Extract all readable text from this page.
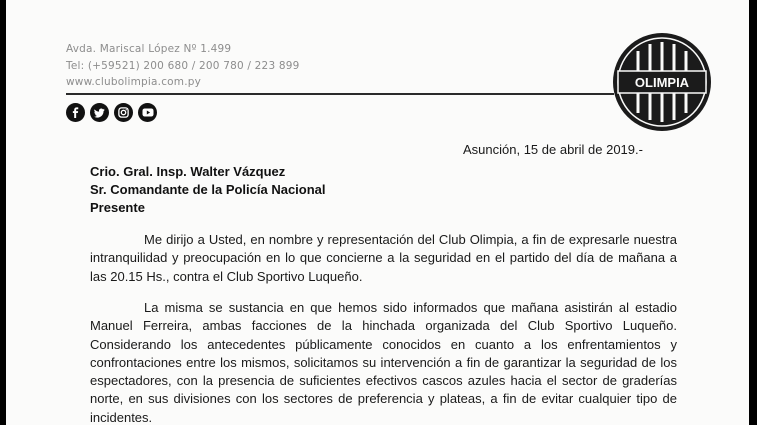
Avda. Mariscal López Nº 1.499
Tel: (+59521) 200 680 / 200 780 / 223 899
www.clubolimpia.com.py	OLIMPIA
Asunción, 15 de abril de 2019.-
Crio. Gral. Insp. Walter Vázquez
Sr. Comandante de la Policía Nacional
Presente
Me dirijo a Usted, en nombre y representación del Club Olimpia, a fin de expresarle nuestra intranquilidad y preocupación en lo que concierne a la seguridad en el partido del día de mañana a las 20.15 Hs., contra el Club Sportivo Luqueño.
La misma se sustancia en que hemos sido informados que mañana asistirán al estadio Manuel Ferreira, ambas facciones de la hinchada organizada del Club Sportivo Luqueño. Considerando los antecedentes públicamente conocidos en cuanto a los enfrentamientos y confrontaciones entre los mismos, solicitamos su intervención a fin de garantizar la seguridad de los espectadores, con la presencia de suficientes efectivos cascos azules hacia el sector de graderías norte, en sus divisiones con los sectores de preferencia y plateas, a fin de evitar cualquier tipo de incidentes.
